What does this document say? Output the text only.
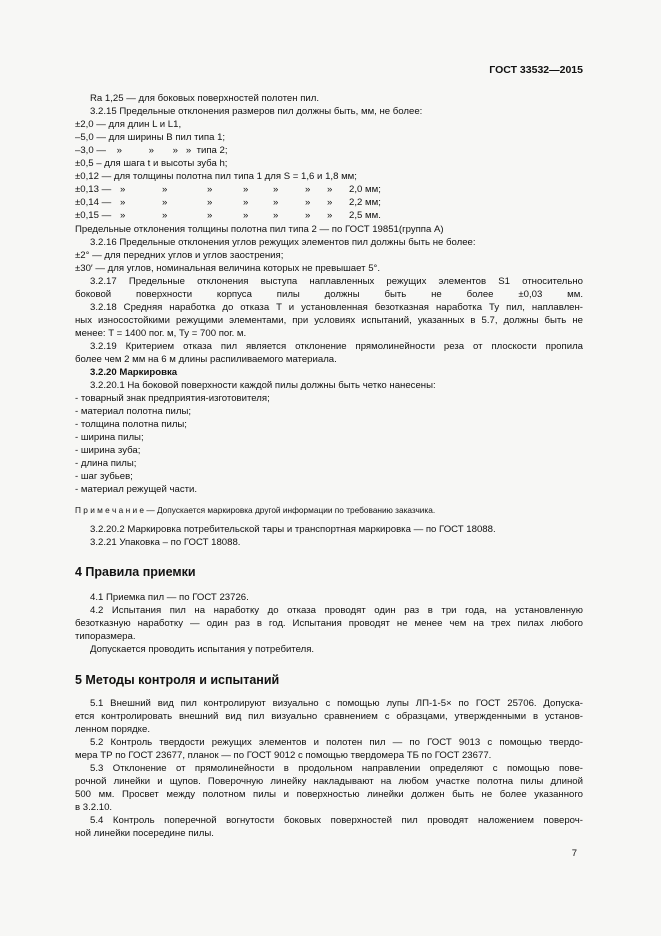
ГОСТ 33532—2015
Ra 1,25 — для боковых поверхностей полотен пил.
3.2.15 Предельные отклонения размеров пил должны быть, мм, не более:
±2,0 — для длин L и L1,
–5,0 — для ширины B пил типа 1;
–3,0 —    »          »       »   »  типа 2;
±0,5 – для шага t и высоты зуба h;
±0,12 — для толщины полотна пил типа 1 для S = 1,6 и 1,8 мм;
±0,13 — »	»	»	»	»	» » 2,0 мм;
±0,14 — »	»	»	»	»	» » 2,2 мм;
±0,15 — »	»	»	»	»	» » 2,5 мм.
Предельные отклонения толщины полотна пил типа 2 — по ГОСТ 19851(группа А)
3.2.16 Предельные отклонения углов режущих элементов пил должны быть не более:
±2° — для передних углов и углов заострения;
±30′ — для углов, номинальная величина которых не превышает 5°.
3.2.17 Предельные отклонения выступа наплавленных режущих элементов S1 относительно
боковой поверхности корпуса пилы должны быть не более ±0,03 мм.
3.2.18 Средняя наработка до отказа T и установленная безотказная наработка Ty пил, наплавлен-
ных износостойкими режущими элементами, при условиях испытаний, указанных в 5.7, должны быть не
менее: T = 1400 пог. м, Ty = 700 пог. м.
3.2.19 Критерием отказа пил является отклонение прямолинейности реза от плоскости пропила
более чем 2 мм на 6 м длины распиливаемого материала.
3.2.20 Маркировка
3.2.20.1 На боковой поверхности каждой пилы должны быть четко нанесены:
- товарный знак предприятия-изготовителя;
- материал полотна пилы;
- толщина полотна пилы;
- ширина пилы;
- ширина зуба;
- длина пилы;
- шаг зубьев;
- материал режущей части.
П р и м е ч а н и е — Допускается маркировка другой информации по требованию заказчика.
3.2.20.2 Маркировка потребительской тары и транспортная маркировка — по ГОСТ 18088.
3.2.21 Упаковка – по ГОСТ 18088.
4 Правила приемки
4.1 Приемка пил — по ГОСТ 23726.
4.2 Испытания пил на наработку до отказа проводят один раз в три года, на установленную
безотказную наработку — один раз в год. Испытания проводят не менее чем на трех пилах любого
типоразмера.
Допускается проводить испытания у потребителя.
5 Методы контроля и испытаний
5.1 Внешний вид пил контролируют визуально с помощью лупы ЛП-1-5× по ГОСТ 25706. Допуска-
ется контролировать внешний вид пил визуально сравнением с образцами, утвержденными в установ-
ленном порядке.
5.2 Контроль твердости режущих элементов и полотен пил — по ГОСТ 9013 с помощью твердо-
мера ТР по ГОСТ 23677, планок — по ГОСТ 9012 с помощью твердомера ТБ по ГОСТ 23677.
5.3 Отклонение от прямолинейности в продольном направлении определяют с помощью пове-
рочной линейки и щупов. Поверочную линейку накладывают на любом участке полотна пилы длиной
500 мм. Просвет между полотном пилы и поверхностью линейки должен быть не более указанного
в 3.2.10.
5.4 Контроль поперечной вогнутости боковых поверхностей пил проводят наложением повероч-
ной линейки посередине пилы.
7
